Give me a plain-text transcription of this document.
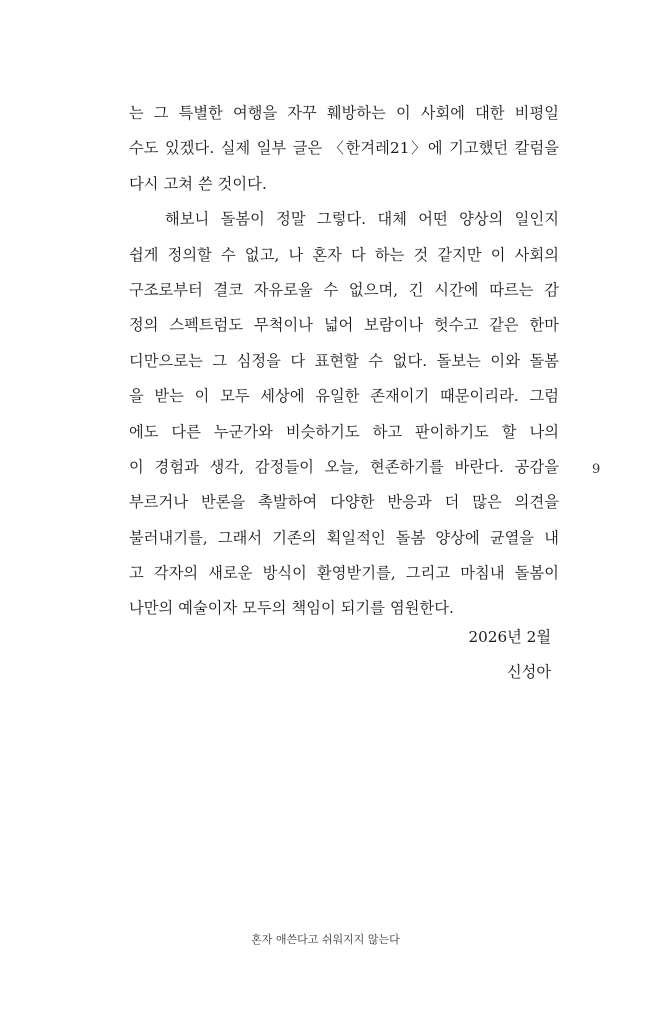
는 그 특별한 여행을 자꾸 훼방하는 이 사회에 대한 비평일
수도 있겠다. 실제 일부 글은 〈한겨레21〉에 기고했던 칼럼을
다시 고쳐 쓴 것이다.
해보니 돌봄이 정말 그렇다. 대체 어떤 양상의 일인지
쉽게 정의할 수 없고, 나 혼자 다 하는 것 같지만 이 사회의
구조로부터 결코 자유로울 수 없으며, 긴 시간에 따르는 감
정의 스펙트럼도 무척이나 넓어 보람이나 헛수고 같은 한마
디만으로는 그 심정을 다 표현할 수 없다. 돌보는 이와 돌봄
을 받는 이 모두 세상에 유일한 존재이기 때문이리라. 그럼
에도 다른 누군가와 비슷하기도 하고 판이하기도 할 나의
이 경험과 생각, 감정들이 오늘, 현존하기를 바란다. 공감을
부르거나 반론을 촉발하여 다양한 반응과 더 많은 의견을
불러내기를, 그래서 기존의 획일적인 돌봄 양상에 균열을 내
고 각자의 새로운 방식이 환영받기를, 그리고 마침내 돌봄이
나만의 예술이자 모두의 책임이 되기를 염원한다.
2026년 2월
신성아
9
혼자 애쓴다고 쉬워지지 않는다
